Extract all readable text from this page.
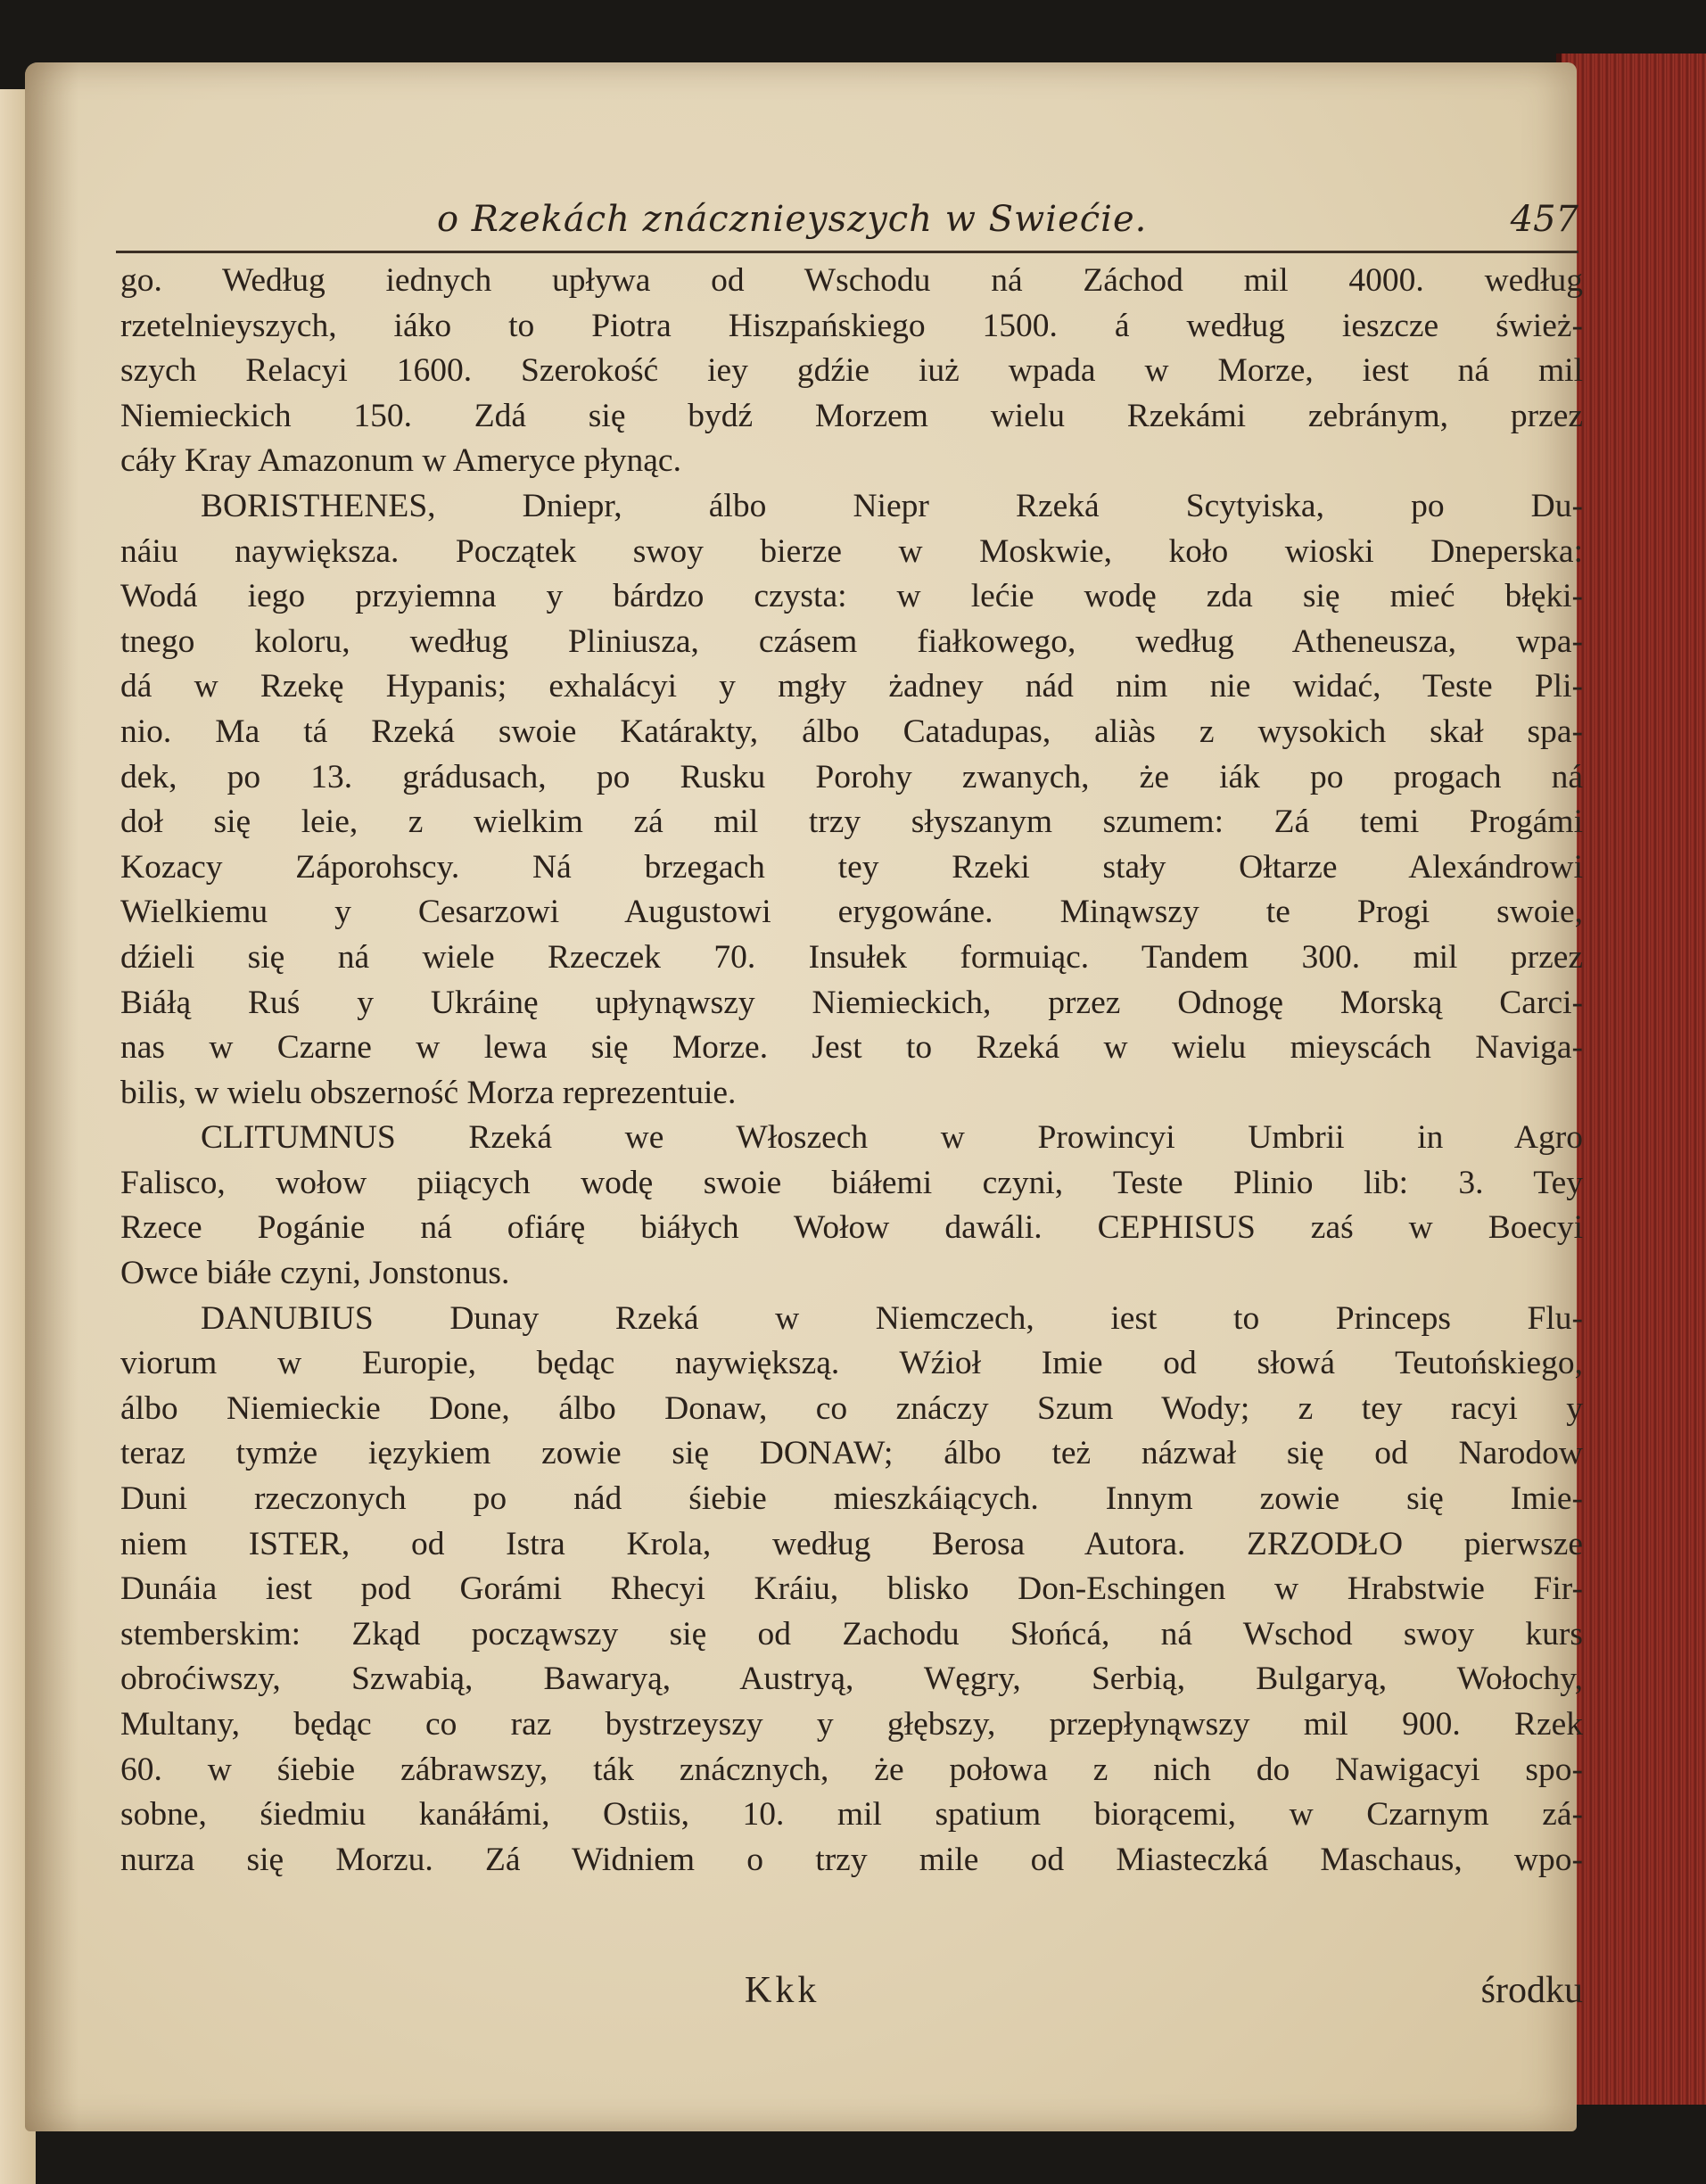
o Rzekách znácznieyszych w Swiećie.	457
go. Według iednych upływa od Wschodu ná Záchod mil 4000. według
rzetelnieyszych, iáko to Piotra Hiszpańskiego 1500. á według ieszcze śwież-
szych Relacyi 1600. Szerokość iey gdźie iuż wpada w Morze, iest ná mil
Niemieckich 150. Zdá się bydź Morzem wielu Rzekámi zebránym, przez
cáły Kray Amazonum w Ameryce płynąc.
BORISTHENES, Dniepr, álbo Niepr Rzeká Scytyiska, po Du-
náiu naywiększa. Początek swoy bierze w Moskwie, koło wioski Dneperska:
Wodá iego przyiemna y bárdzo czysta: w lećie wodę zda się mieć błęki-
tnego koloru, według Pliniusza, czásem fiałkowego, według Atheneusza, wpa-
dá w Rzekę Hypanis; exhalácyi y mgły żadney nád nim nie widać, Teste Pli-
nio. Ma tá Rzeká swoie Katárakty, álbo Catadupas, aliàs z wysokich skał spa-
dek, po 13. grádusach, po Rusku Porohy zwanych, że iák po progach ná
doł się leie, z wielkim zá mil trzy słyszanym szumem: Zá temi Progámi
Kozacy Záporohscy. Ná brzegach tey Rzeki stały Ołtarze Alexándrowi
Wielkiemu y Cesarzowi Augustowi erygowáne. Minąwszy te Progi swoie,
dźieli się ná wiele Rzeczek 70. Insułek formuiąc. Tandem 300. mil przez
Biáłą Ruś y Ukráinę upłynąwszy Niemieckich, przez Odnogę Morską Carci-
nas w Czarne w lewa się Morze. Jest to Rzeká w wielu mieyscách Naviga-
bilis, w wielu obszerność Morza reprezentuie.
CLITUMNUS Rzeká we Włoszech w Prowincyi Umbrii in Agro
Falisco, wołow piiących wodę swoie biáłemi czyni, Teste Plinio lib: 3. Tey
Rzece Pogánie ná ofiárę biáłych Wołow dawáli. CEPHISUS zaś w Boecyi
Owce biáłe czyni, Jonstonus.
DANUBIUS Dunay Rzeká w Niemczech, iest to Princeps Flu-
viorum w Europie, będąc naywiększą. Wźioł Imie od słowá Teutońskiego,
álbo Niemieckie Done, álbo Donaw, co znáczy Szum Wody; z tey racyi y
teraz tymże ięzykiem zowie się DONAW; álbo też názwał się od Narodow
Duni rzeczonych po nád śiebie mieszkáiących. Innym zowie się Imie-
niem ISTER, od Istra Krola, według Berosa Autora. ZRZODŁO pierwsze
Dunáia iest pod Gorámi Rhecyi Kráiu, blisko Don-Eschingen w Hrabstwie Fir-
stemberskim: Zkąd począwszy się od Zachodu Słońcá, ná Wschod swoy kurs
obroćiwszy, Szwabią, Bawaryą, Austryą, Węgry, Serbią, Bulgaryą, Wołochy,
Multany, będąc co raz bystrzeyszy y głębszy, przepłynąwszy mil 900. Rzek
60. w śiebie zábrawszy, ták znácznych, że połowa z nich do Nawigacyi spo-
sobne, śiedmiu kanáłámi, Ostiis, 10. mil spatium biorącemi, w Czarnym zá-
nurza się Morzu. Zá Widniem o trzy mile od Miasteczká Maschaus, wpo-
Kkk	środku
